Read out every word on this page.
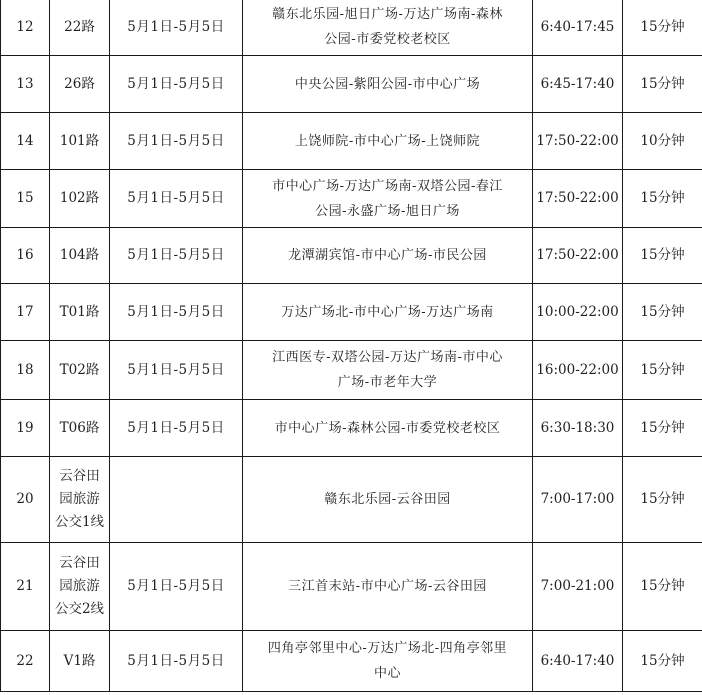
12	22路	5月1日-5月5日	赣东北乐园-旭日广场-万达广场南-森林
公园-市委党校老校区	6:40-17:45	15分钟
13	26路	5月1日-5月5日	中央公园-紫阳公园-市中心广场	6:45-17:40	15分钟
14	101路	5月1日-5月5日	上饶师院-市中心广场-上饶师院	17:50-22:00	10分钟
15	102路	5月1日-5月5日	市中心广场-万达广场南-双塔公园-春江
公园-永盛广场-旭日广场	17:50-22:00	15分钟
16	104路	5月1日-5月5日	龙潭湖宾馆-市中心广场-市民公园	17:50-22:00	15分钟
17	T01路	5月1日-5月5日	万达广场北-市中心广场-万达广场南	10:00-22:00	15分钟
18	T02路	5月1日-5月5日	江西医专-双塔公园-万达广场南-市中心
广场-市老年大学	16:00-22:00	15分钟
19	T06路	5月1日-5月5日	市中心广场-森林公园-市委党校老校区	6:30-18:30	15分钟
20	云谷田
园旅游
公交1线		赣东北乐园-云谷田园	7:00-17:00	15分钟
21	云谷田
园旅游
公交2线	5月1日-5月5日	三江首末站-市中心广场-云谷田园	7:00-21:00	15分钟
22	V1路	5月1日-5月5日	四角亭邻里中心-万达广场北-四角亭邻里
中心	6:40-17:40	15分钟
